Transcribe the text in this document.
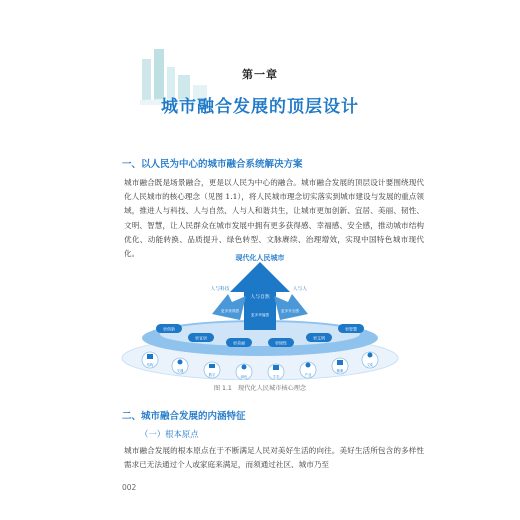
第一章
城市融合发展的顶层设计
一、以人民为中心的城市融合系统解决方案
城市融合既是场景融合，更是以人民为中心的融合。城市融合发展的顶层设计要围绕现代化人民城市的核心理念（见图 1.1），将人民城市理念切实落实到城市建设与发展的重点领域，推进人与科技、人与自然、人与人和谐共生，让城市更加创新、宜居、美丽、韧性、文明、智慧，让人民群众在城市发展中拥有更多获得感、幸福感、安全感，推动城市结构优化、动能转换、品质提升、绿色转型、文脉赓续、治理增效，实现中国特色城市现代化。	现代化人民城市
人与科技
人与自然
人与人
更多获得感
更多幸福感
更多安全感
更创新
更宜居
更美丽	更韧性
更文明
更智慧
结构
交通
数字	绿色	生态	产业
健康
文化
图 1.1　现代化人民城市核心理念
二、城市融合发展的内涵特征
（一）根本原点
城市融合发展的根本原点在于不断满足人民对美好生活的向往。美好生活所包含的多样性需求已无法通过个人或家庭来满足，而须通过社区、城市乃至
002
